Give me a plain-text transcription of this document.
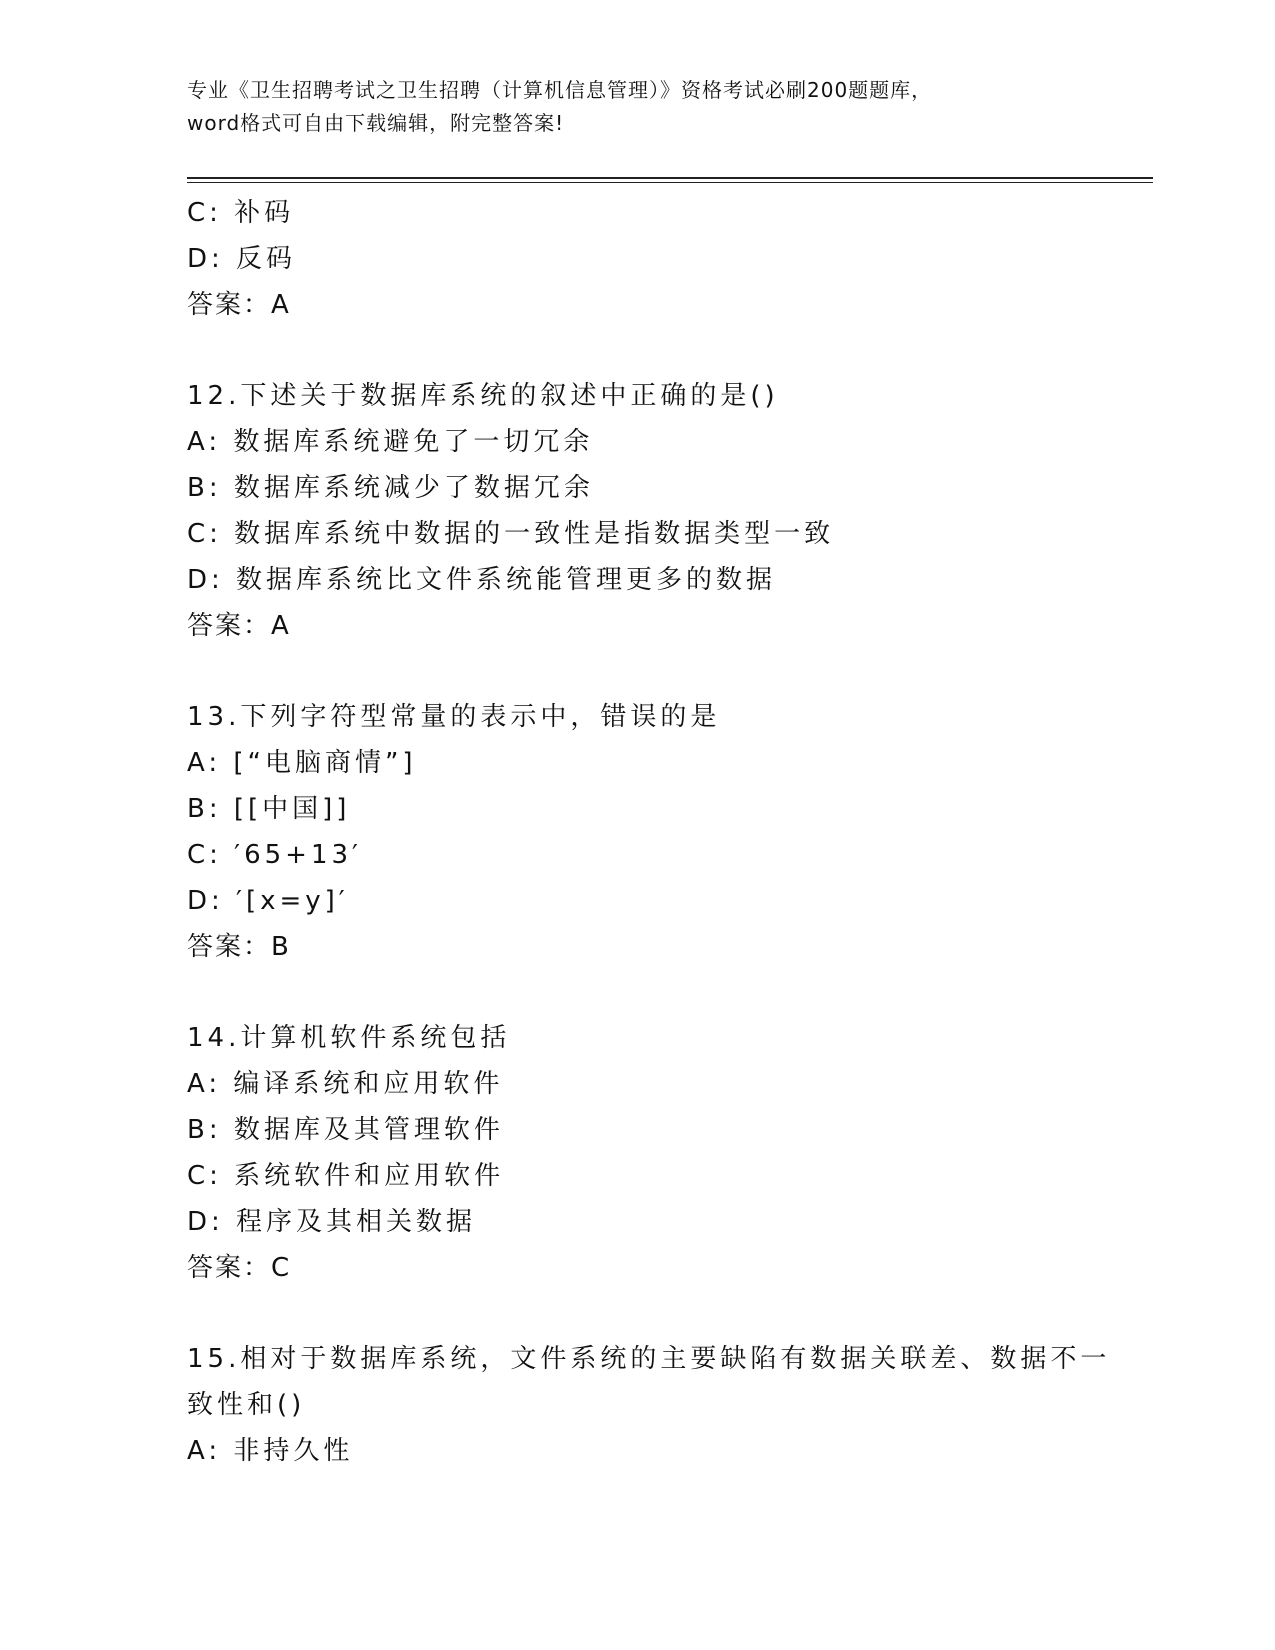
专业《卫生招聘考试之卫生招聘（计算机信息管理）》资格考试必刷200题题库，
word格式可自由下载编辑，附完整答案!
C: 补码
D: 反码
答案：A
12.下述关于数据库系统的叙述中正确的是()
A: 数据库系统避免了一切冗余
B: 数据库系统减少了数据冗余
C: 数据库系统中数据的一致性是指数据类型一致
D: 数据库系统比文件系统能管理更多的数据
答案：A
13.下列字符型常量的表示中，错误的是
A: [“电脑商情”]
B: [[中国]]
C: ′65+13′
D: ′[x=y]′
答案：B
14.计算机软件系统包括
A: 编译系统和应用软件
B: 数据库及其管理软件
C: 系统软件和应用软件
D: 程序及其相关数据
答案：C
15.相对于数据库系统，文件系统的主要缺陷有数据关联差、数据不一
致性和()
A: 非持久性
